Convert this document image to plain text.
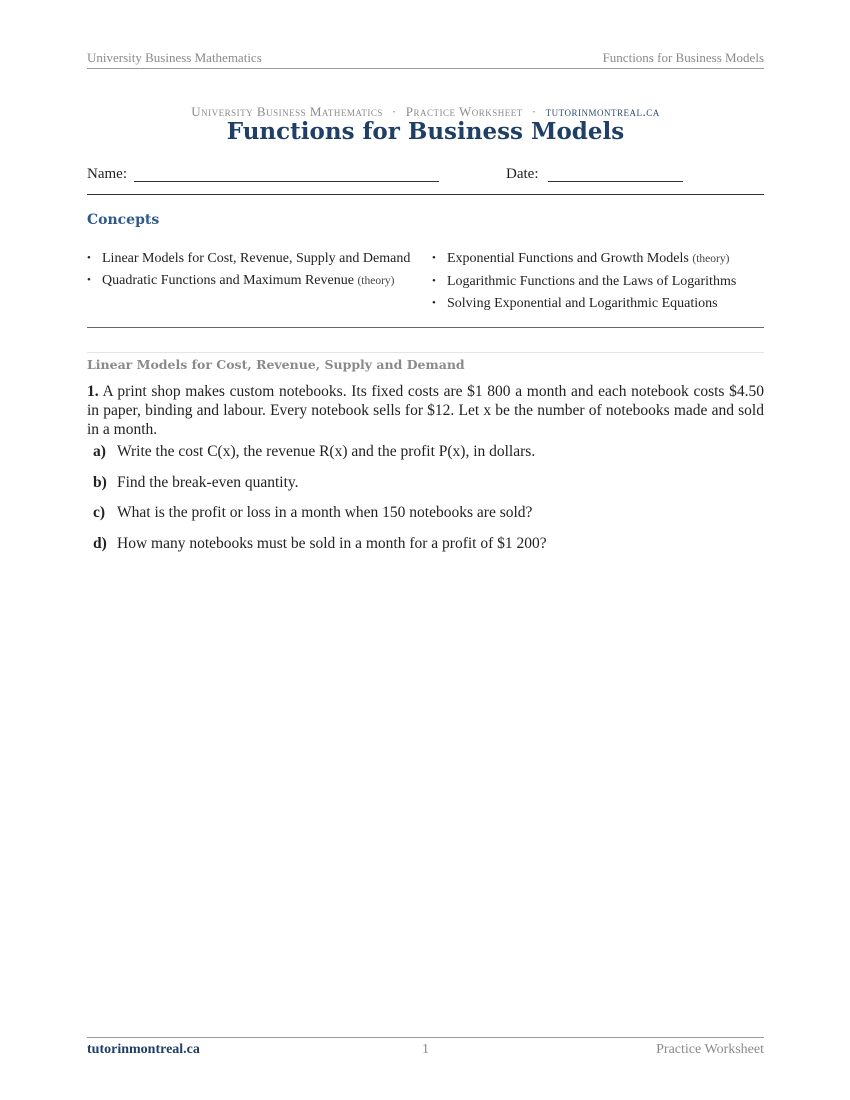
University Business Mathematics	Functions for Business Models
University Business Mathematics · Practice Worksheet · tutorinmontreal.ca
Functions for Business Models
Name:	Date:
Concepts
• Linear Models for Cost, Revenue, Supply and Demand
• Quadratic Functions and Maximum Revenue (theory)
• Exponential Functions and Growth Models (theory)
• Logarithmic Functions and the Laws of Logarithms
• Solving Exponential and Logarithmic Equations
Linear Models for Cost, Revenue, Supply and Demand
1. A print shop makes custom notebooks. Its fixed costs are $1 800 a month and each notebook costs $4.50 in paper, binding and labour. Every notebook sells for $12. Let x be the number of notebooks made and sold in a month.
a) Write the cost C(x), the revenue R(x) and the profit P(x), in dollars.
b) Find the break-even quantity.
c) What is the profit or loss in a month when 150 notebooks are sold?
d) How many notebooks must be sold in a month for a profit of $1 200?
tutorinmontreal.ca	1	Practice Worksheet
